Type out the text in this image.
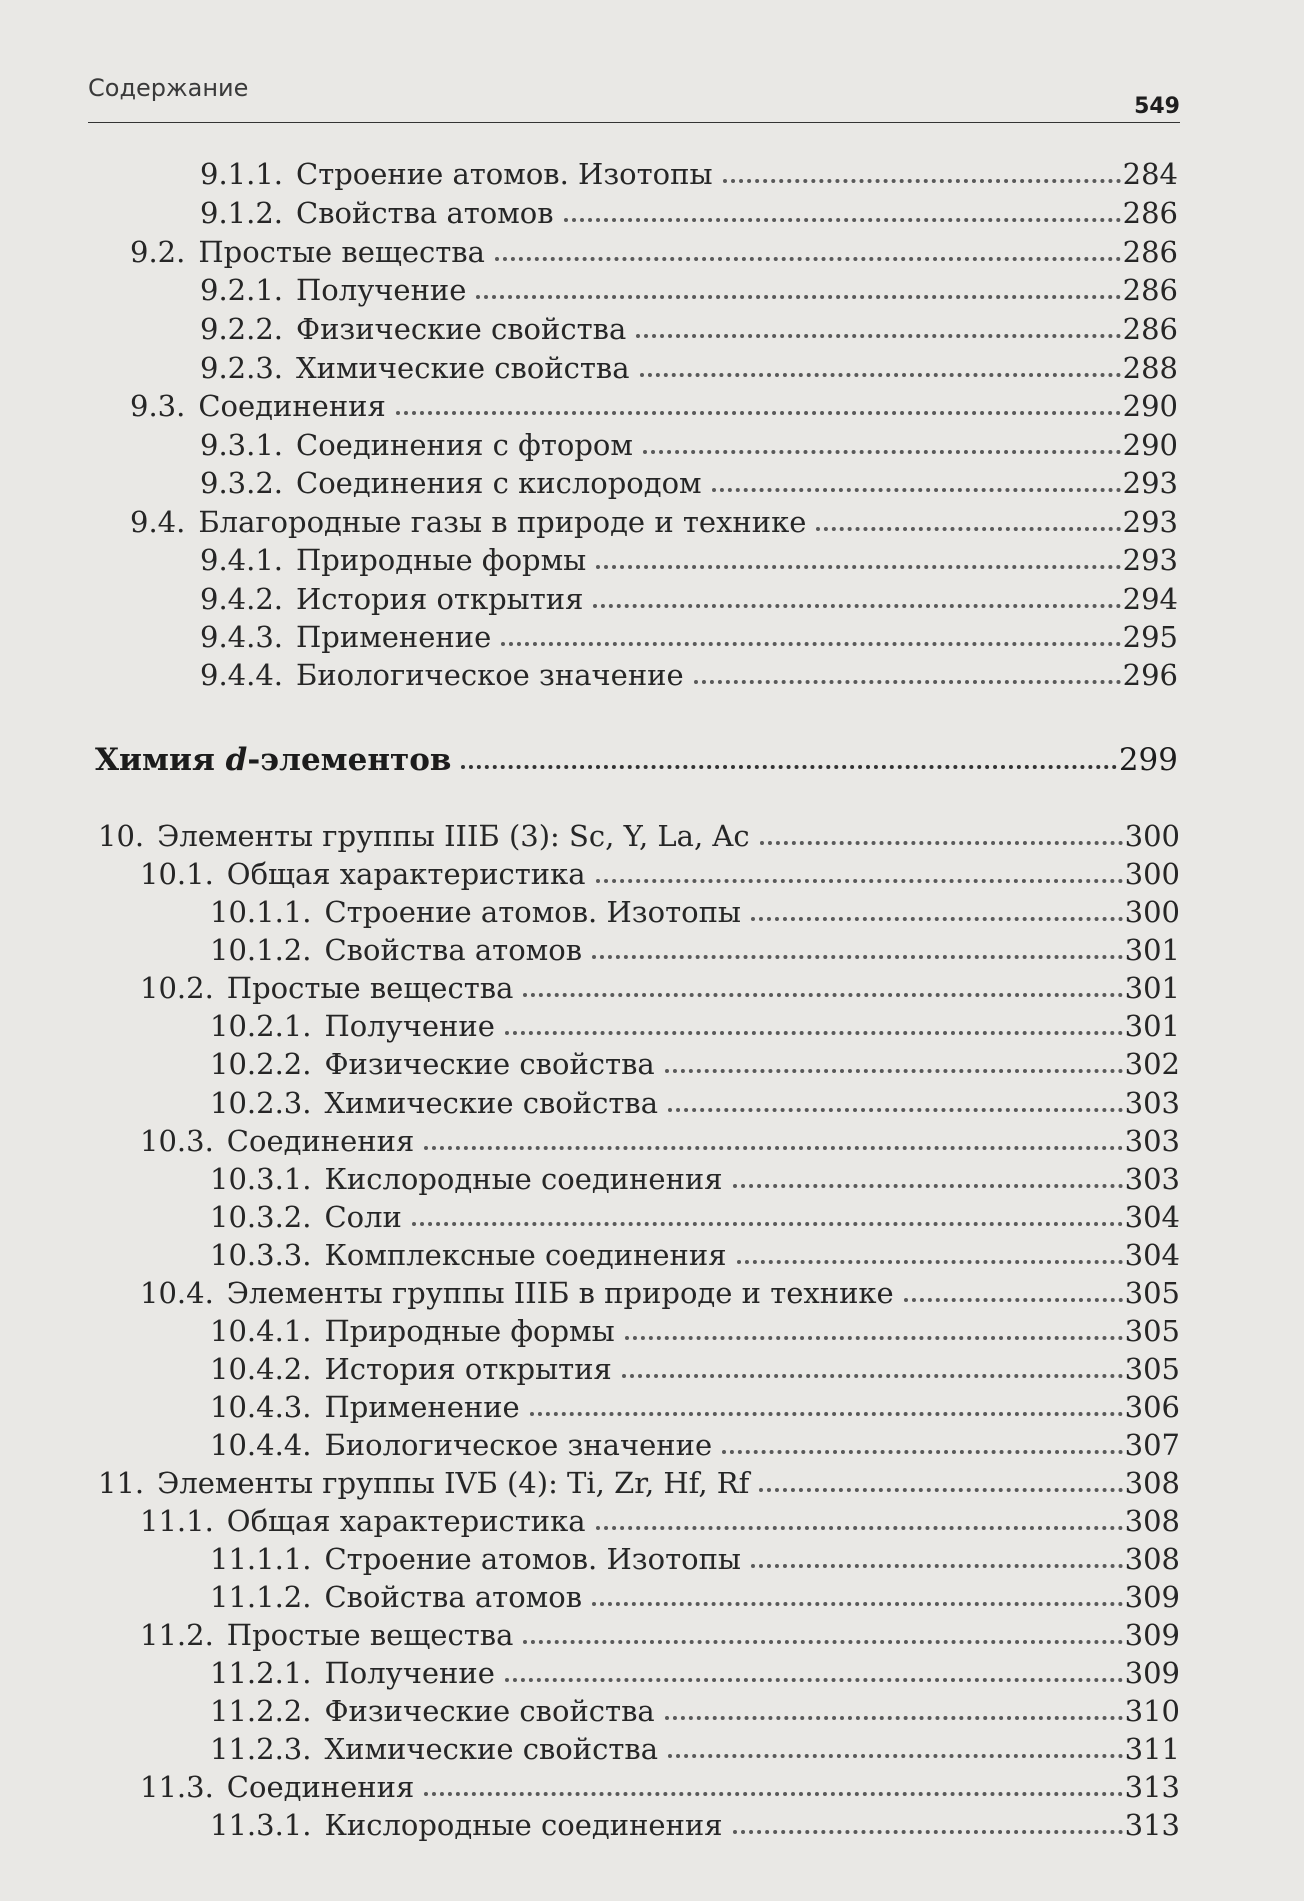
Содержание
549
9.1.1. Строение атомов. Изотопы	284
9.1.2. Свойства атомов	286
9.2. Простые вещества	286
9.2.1. Получение	286
9.2.2. Физические свойства	286
9.2.3. Химические свойства	288
9.3. Соединения	290
9.3.1. Соединения с фтором	290
9.3.2. Соединения с кислородом	293
9.4. Благородные газы в природе и технике	293
9.4.1. Природные формы	293
9.4.2. История открытия	294
9.4.3. Применение	295
9.4.4. Биологическое значение	296
Химия d-элементов	299
10. Элементы группы IIIБ (3): Sc, Y, La, Ac	300
10.1. Общая характеристика	300
10.1.1. Строение атомов. Изотопы	300
10.1.2. Свойства атомов	301
10.2. Простые вещества	301
10.2.1. Получение	301
10.2.2. Физические свойства	302
10.2.3. Химические свойства	303
10.3. Соединения	303
10.3.1. Кислородные соединения	303
10.3.2. Соли	304
10.3.3. Комплексные соединения	304
10.4. Элементы группы IIIБ в природе и технике	305
10.4.1. Природные формы	305
10.4.2. История открытия	305
10.4.3. Применение	306
10.4.4. Биологическое значение	307
11. Элементы группы IVБ (4): Ti, Zr, Hf, Rf	308
11.1. Общая характеристика	308
11.1.1. Строение атомов. Изотопы	308
11.1.2. Свойства атомов	309
11.2. Простые вещества	309
11.2.1. Получение	309
11.2.2. Физические свойства	310
11.2.3. Химические свойства	311
11.3. Соединения	313
11.3.1. Кислородные соединения	313
